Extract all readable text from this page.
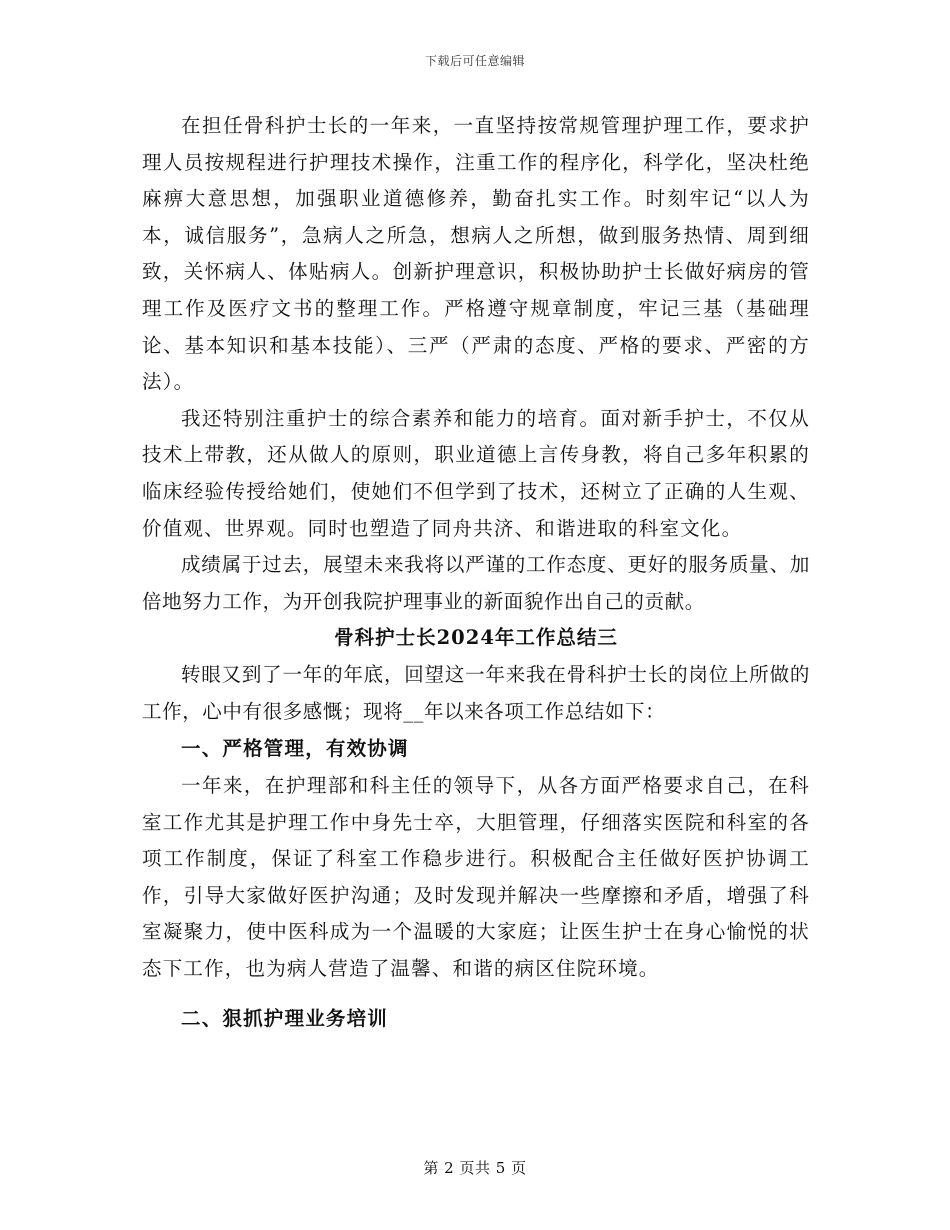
下载后可任意编辑

在担任骨科护士长的一年来，一直坚持按常规管理护理工作，要求护理人员按规程进行护理技术操作，注重工作的程序化，科学化，坚决杜绝麻痹大意思想，加强职业道德修养，勤奋扎实工作。时刻牢记“以人为本，诚信服务”，急病人之所急，想病人之所想，做到服务热情、周到细致，关怀病人、体贴病人。创新护理意识，积极协助护士长做好病房的管理工作及医疗文书的整理工作。严格遵守规章制度，牢记三基（基础理论、基本知识和基本技能）、三严（严肃的态度、严格的要求、严密的方法）。

我还特别注重护士的综合素养和能力的培育。面对新手护士，不仅从技术上带教，还从做人的原则，职业道德上言传身教，将自己多年积累的临床经验传授给她们，使她们不但学到了技术，还树立了正确的人生观、价值观、世界观。同时也塑造了同舟共济、和谐进取的科室文化。

成绩属于过去，展望未来我将以严谨的工作态度、更好的服务质量、加倍地努力工作，为开创我院护理事业的新面貌作出自己的贡献。

骨科护士长2024年工作总结三

转眼又到了一年的年底，回望这一年来我在骨科护士长的岗位上所做的工作，心中有很多感慨；现将__年以来各项工作总结如下：

一、严格管理，有效协调

一年来，在护理部和科主任的领导下，从各方面严格要求自己，在科室工作尤其是护理工作中身先士卒，大胆管理，仔细落实医院和科室的各项工作制度，保证了科室工作稳步进行。积极配合主任做好医护协调工作，引导大家做好医护沟通；及时发现并解决一些摩擦和矛盾，增强了科室凝聚力，使中医科成为一个温暖的大家庭；让医生护士在身心愉悦的状态下工作，也为病人营造了温馨、和谐的病区住院环境。

二、狠抓护理业务培训

第 2 页共 5 页
